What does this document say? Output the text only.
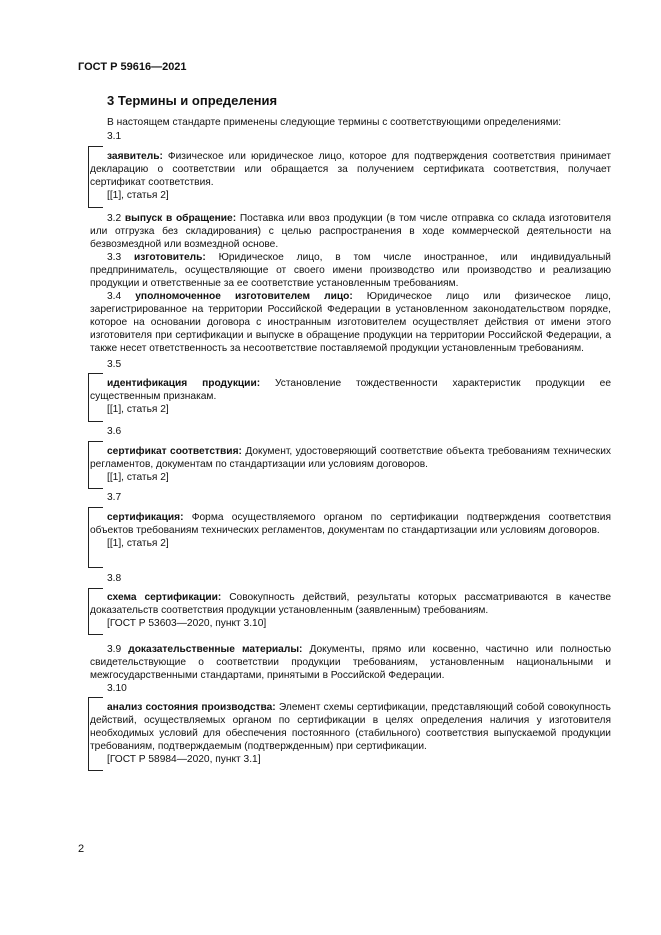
ГОСТ Р 59616—2021
3 Термины и определения

В настоящем стандарте применены следующие термины с соответствующими определениями:

3.1

заявитель: Физическое или юридическое лицо, которое для подтверждения соответствия принимает декларацию о соответствии или обращается за получением сертификата соответствия, получает сертификат соответствия.

[[1], статья 2]

3.2 выпуск в обращение: Поставка или ввоз продукции (в том числе отправка со склада изготовителя или отгрузка без складирования) с целью распространения в ходе коммерческой деятельности на безвозмездной или возмездной основе.

3.3 изготовитель: Юридическое лицо, в том числе иностранное, или индивидуальный предприниматель, осуществляющие от своего имени производство или производство и реализацию продукции и ответственные за ее соответствие установленным требованиям.

3.4 уполномоченное изготовителем лицо: Юридическое лицо или физическое лицо, зарегистрированное на территории Российской Федерации в установленном законодательством порядке, которое на основании договора с иностранным изготовителем осуществляет действия от имени этого изготовителя при сертификации и выпуске в обращение продукции на территории Российской Федерации, а также несет ответственность за несоответствие поставляемой продукции установленным требованиям.

3.5

идентификация продукции: Установление тождественности характеристик продукции ее существенным признакам.

[[1], статья 2]

3.6

сертификат соответствия: Документ, удостоверяющий соответствие объекта требованиям технических регламентов, документам по стандартизации или условиям договоров.

[[1], статья 2]

3.7

сертификация: Форма осуществляемого органом по сертификации подтверждения соответствия объектов требованиям технических регламентов, документам по стандартизации или условиям договоров.

[[1], статья 2]

3.8

схема сертификации: Совокупность действий, результаты которых рассматриваются в качестве доказательств соответствия продукции установленным (заявленным) требованиям.

[ГОСТ Р 53603—2020, пункт 3.10]

3.9 доказательственные материалы: Документы, прямо или косвенно, частично или полностью свидетельствующие о соответствии продукции требованиям, установленным национальными и межгосударственными стандартами, принятыми в Российской Федерации.

3.10

анализ состояния производства: Элемент схемы сертификации, представляющий собой совокупность действий, осуществляемых органом по сертификации в целях определения наличия у изготовителя необходимых условий для обеспечения постоянного (стабильного) соответствия выпускаемой продукции требованиям, подтверждаемым (подтвержденным) при сертификации.

[ГОСТ Р 58984—2020, пункт 3.1]

2
